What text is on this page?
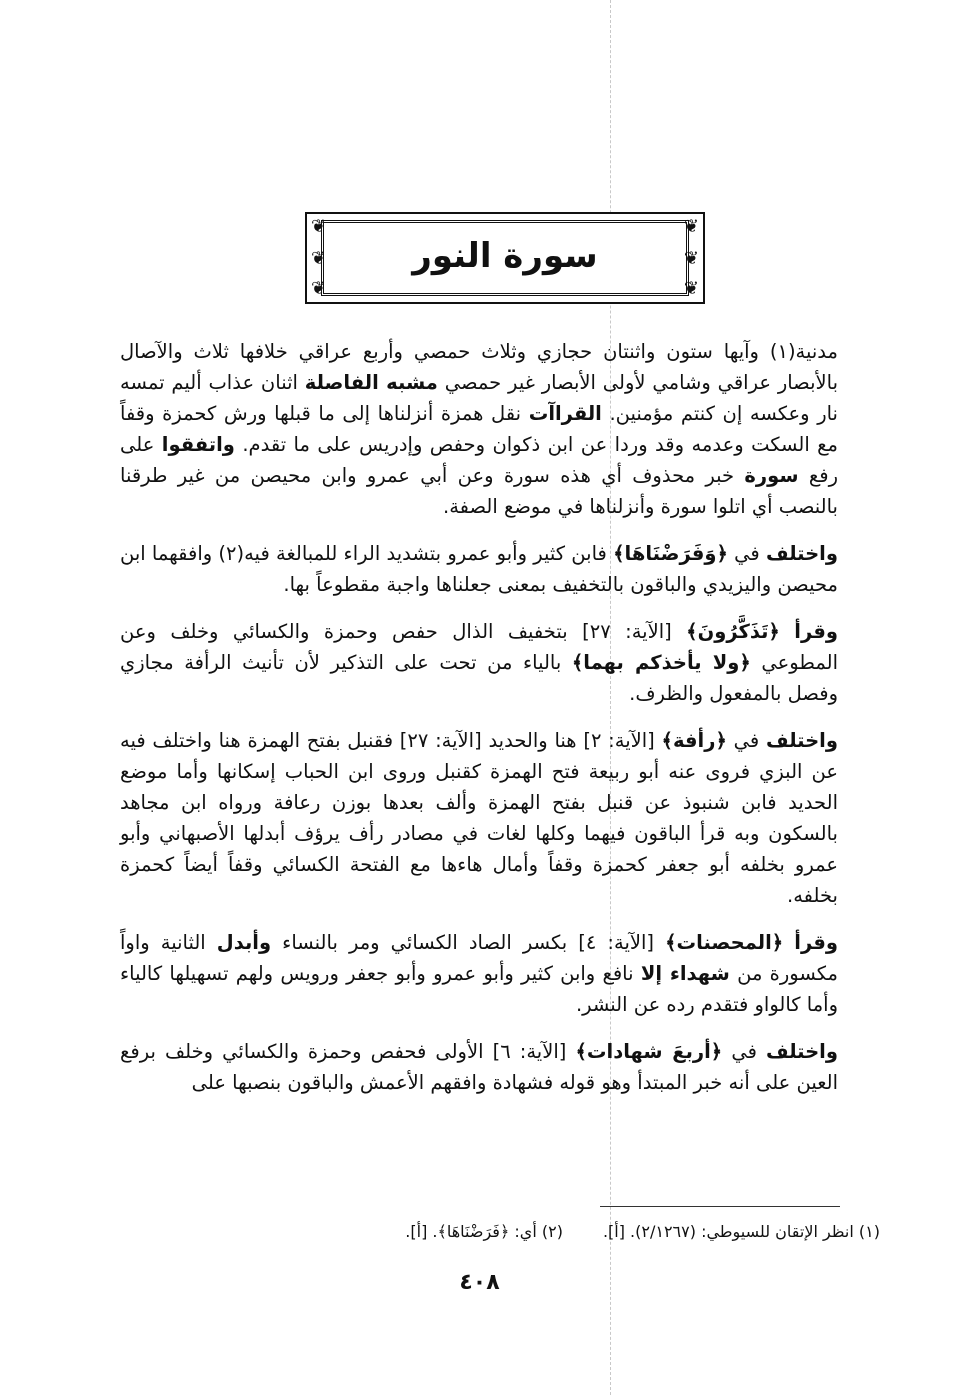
❦	❦
❦	❦
❦	❦
سورة النور

مدنية(١) وآيها ستون واثنتان حجازي وثلاث حمصي وأربع عراقي خلافها ثلاث والآصال بالأبصار عراقي وشامي لأولى الأبصار غير حمصي مشبه الفاصلة اثنان عذاب أليم تمسه نار وعكسه إن كنتم مؤمنين. القراآت نقل همزة أنزلناها إلى ما قبلها ورش كحمزة وقفاً مع السكت وعدمه وقد وردا عن ابن ذكوان وحفص وإدريس على ما تقدم. واتفقوا على رفع سورة خبر محذوف أي هذه سورة وعن أبي عمرو وابن محيصن من غير طرقنا بالنصب أي اتلوا سورة وأنزلناها في موضع الصفة.

واختلف في ﴿وَفَرَضْنَاهَا﴾ فابن كثير وأبو عمرو بتشديد الراء للمبالغة فيه(٢) وافقهما ابن محيصن واليزيدي والباقون بالتخفيف بمعنى جعلناها واجبة مقطوعاً بها.

وقرأ ﴿تَذَكَّرُونَ﴾ [الآية: ٢٧] بتخفيف الذال حفص وحمزة والكسائي وخلف وعن المطوعي ﴿ولا يأخذكم بهما﴾ بالياء من تحت على التذكير لأن تأنيث الرأفة مجازي وفصل بالمفعول والظرف.

واختلف في ﴿رأفة﴾ [الآية: ٢] هنا والحديد [الآية: ٢٧] فقنبل بفتح الهمزة هنا واختلف فيه عن البزي فروى عنه أبو ربيعة فتح الهمزة كقنبل وروى ابن الحباب إسكانها وأما موضع الحديد فابن شنبوذ عن قنبل بفتح الهمزة وألف بعدها بوزن رعافة ورواه ابن مجاهد بالسكون وبه قرأ الباقون فيهما وكلها لغات في مصادر رأف يرؤف أبدلها الأصبهاني وأبو عمرو بخلفه أبو جعفر كحمزة وقفاً وأمال هاءها مع الفتحة الكسائي وقفاً أيضاً كحمزة بخلفه.

وقرأ ﴿المحصنات﴾ [الآية: ٤] بكسر الصاد الكسائي ومر بالنساء وأبدل الثانية واواً مكسورة من شهداء إلا نافع وابن كثير وأبو عمرو وأبو جعفر ورويس ولهم تسهيلها كالياء وأما كالواو فتقدم رده عن النشر.

واختلف في ﴿أربعَ شهادات﴾ [الآية: ٦] الأولى فحفص وحمزة والكسائي وخلف برفع العين على أنه خبر المبتدأ وهو قوله فشهادة وافقهم الأعمش والباقون بنصبها على

(١) انظر الإتقان للسيوطي: (٢/١٢٦٧). [أ].
(٢) أي: ﴿فَرَضْنَاهَا﴾. [أ].
٤٠٨
